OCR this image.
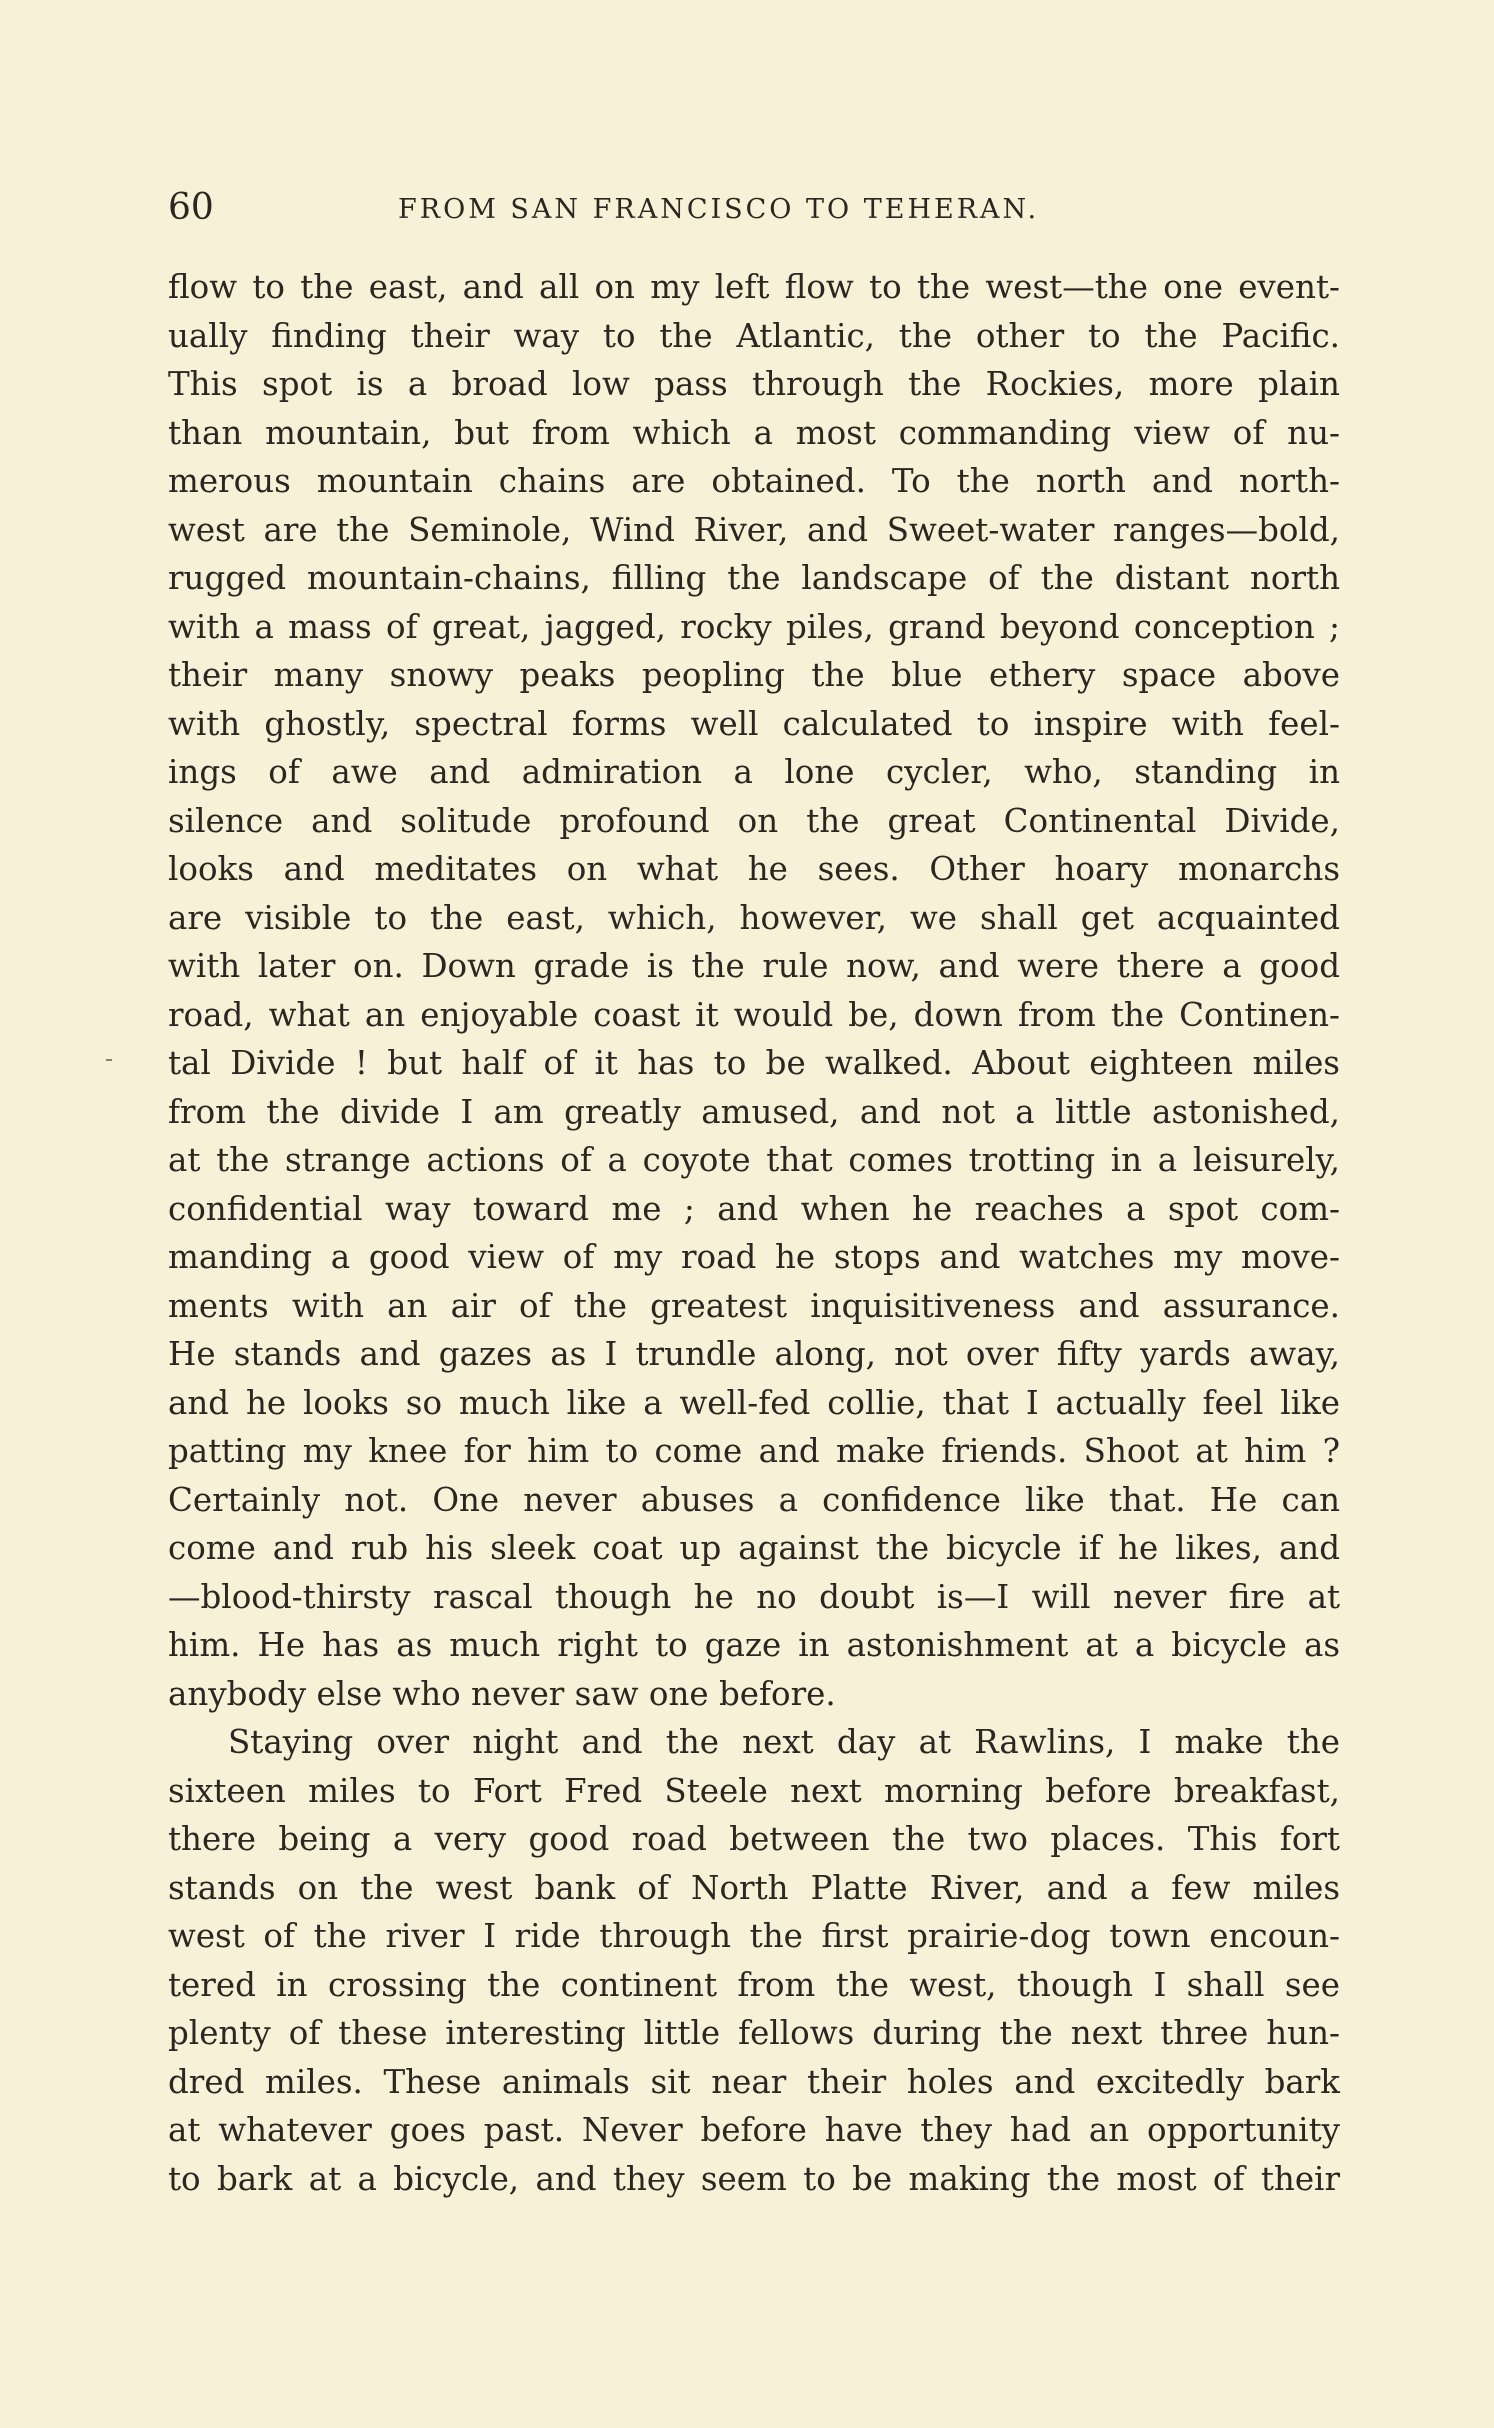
60	FROM SAN FRANCISCO TO TEHERAN.
flow to the east, and all on my left flow to the west—the one event-
ually finding their way to the Atlantic, the other to the Pacific.
This spot is a broad low pass through the Rockies, more plain
than mountain, but from which a most commanding view of nu-
merous mountain chains are obtained. To the north and north-
west are the Seminole, Wind River, and Sweet-water ranges—bold,
rugged mountain-chains, filling the landscape of the distant north
with a mass of great, jagged, rocky piles, grand beyond conception ;
their many snowy peaks peopling the blue ethery space above
with ghostly, spectral forms well calculated to inspire with feel-
ings of awe and admiration a lone cycler, who, standing in
silence and solitude profound on the great Continental Divide,
looks and meditates on what he sees. Other hoary monarchs
are visible to the east, which, however, we shall get acquainted
with later on. Down grade is the rule now, and were there a good
road, what an enjoyable coast it would be, down from the Continen-
tal Divide ! but half of it has to be walked. About eighteen miles
from the divide I am greatly amused, and not a little astonished,
at the strange actions of a coyote that comes trotting in a leisurely,
confidential way toward me ; and when he reaches a spot com-
manding a good view of my road he stops and watches my move-
ments with an air of the greatest inquisitiveness and assurance.
He stands and gazes as I trundle along, not over fifty yards away,
and he looks so much like a well-fed collie, that I actually feel like
patting my knee for him to come and make friends. Shoot at him ?
Certainly not. One never abuses a confidence like that. He can
come and rub his sleek coat up against the bicycle if he likes, and
—blood-thirsty rascal though he no doubt is—I will never fire at
him. He has as much right to gaze in astonishment at a bicycle as
anybody else who never saw one before.
Staying over night and the next day at Rawlins, I make the
sixteen miles to Fort Fred Steele next morning before breakfast,
there being a very good road between the two places. This fort
stands on the west bank of North Platte River, and a few miles
west of the river I ride through the first prairie-dog town encoun-
tered in crossing the continent from the west, though I shall see
plenty of these interesting little fellows during the next three hun-
dred miles. These animals sit near their holes and excitedly bark
at whatever goes past. Never before have they had an opportunity
to bark at a bicycle, and they seem to be making the most of their
